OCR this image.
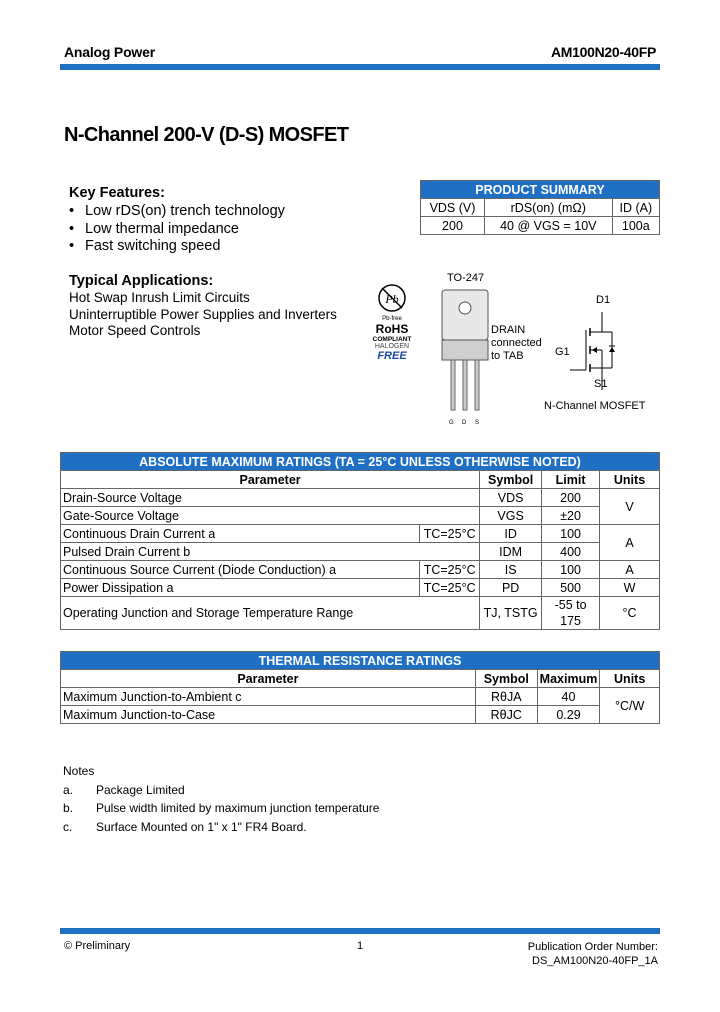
Analog Power	AM100N20-40FP
N-Channel 200-V (D-S) MOSFET
Key Features:
• Low rDS(on) trench technology
• Low thermal impedance
• Fast switching speed
Typical Applications:
Hot Swap Inrush Limit Circuits
Uninterruptible Power Supplies and Inverters
Motor Speed Controls
PRODUCT SUMMARY		
VDS (V)	rDS(on) (mΩ)	ID (A)
200	40 @ VGS = 10V	100a
Pb
Pb-free
RoHS
COMPLIANT
HALOGEN
FREE
TO-247
G D S
DRAIN
connected
to TAB
D1
G1
S1
N-Channel MOSFET
ABSOLUTE MAXIMUM RATINGS (TA = 25°C UNLESS OTHERWISE NOTED)				
Parameter		Symbol	Limit	Units
Drain-Source Voltage		VDS	200	V
Gate-Source Voltage		VGS	±20	
Continuous Drain Current a	TC=25°C	ID	100	A
Pulsed Drain Current b		IDM	400	
Continuous Source Current (Diode Conduction) a	TC=25°C	IS	100	A
Power Dissipation a	TC=25°C	PD	500	W
Operating Junction and Storage Temperature Range		TJ, TSTG	-55 to 175	°C
THERMAL RESISTANCE RATINGS			
Parameter	Symbol	Maximum	Units
Maximum Junction-to-Ambient c	RθJA	40	°C/W
Maximum Junction-to-Case	RθJC	0.29	
Notes
a.	Package Limited
b.	Pulse width limited by maximum junction temperature
c.	Surface Mounted on 1" x 1" FR4 Board.
© Preliminary	1	Publication Order Number:
DS_AM100N20-40FP_1A
